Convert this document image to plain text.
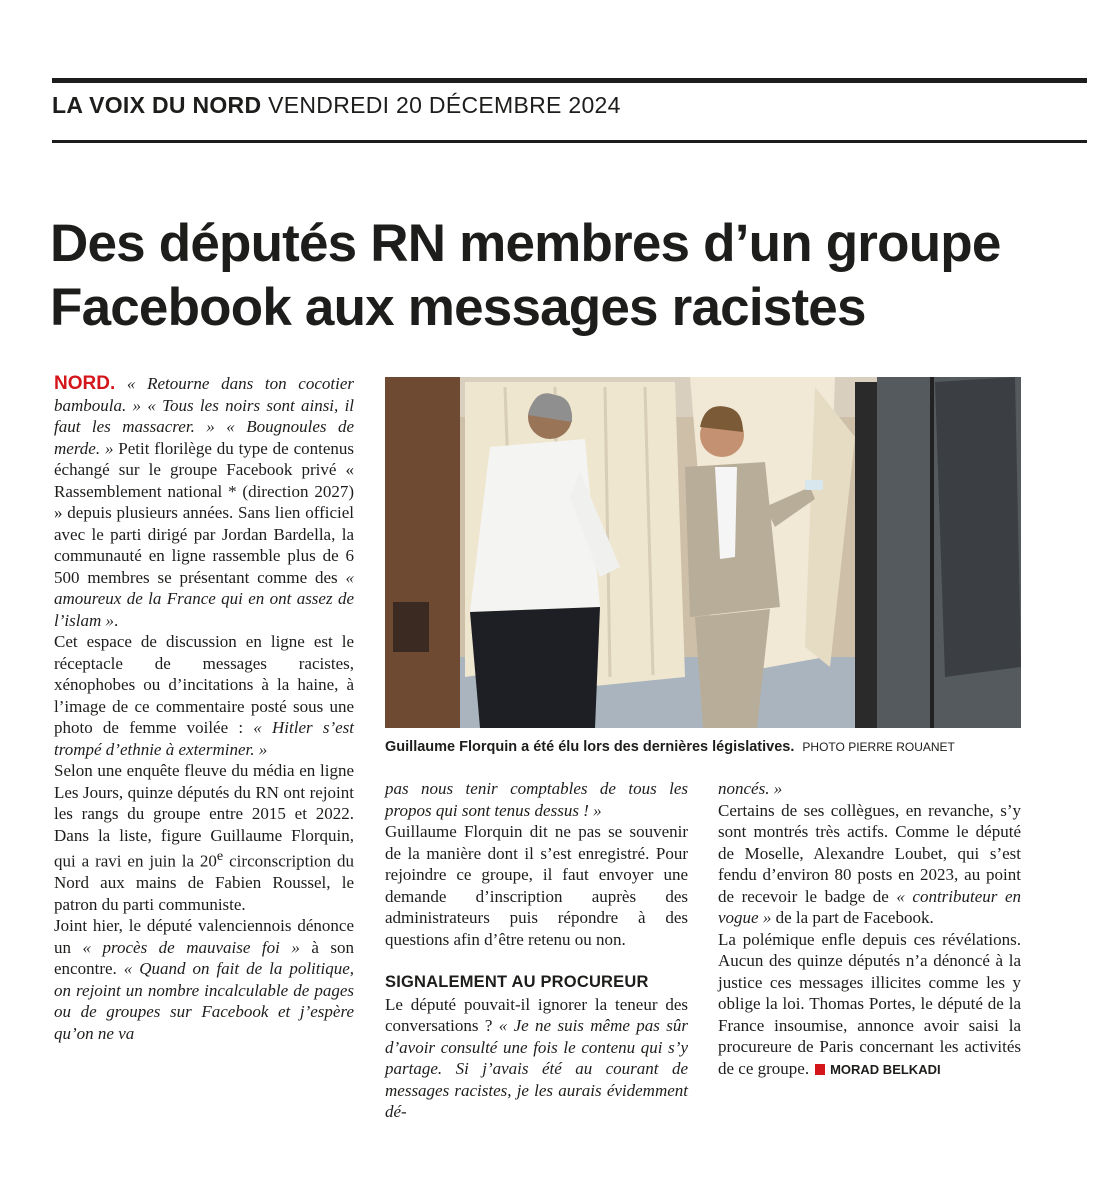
LA VOIX DU NORD VENDREDI 20 DÉCEMBRE 2024
Des députés RN membres d’un groupe
Facebook aux messages racistes

NORD. « Retourne dans ton cocotier bamboula. » « Tous les noirs sont ainsi, il faut les massacrer. » « Bougnoules de merde. » Petit florilège du type de contenus échangé sur le groupe Facebook privé « Rassemblement national * (direction 2027) » depuis plusieurs années. Sans lien officiel avec le parti dirigé par Jordan Bardella, la communauté en ligne rassemble plus de 6 500 membres se présentant comme des « amoureux de la France qui en ont assez de l’islam ».

Cet espace de discussion en ligne est le réceptacle de messages racistes, xénophobes ou d’incitations à la haine, à l’image de ce commentaire posté sous une photo de femme voilée : « Hitler s’est trompé d’ethnie à exterminer. »

Selon une enquête fleuve du média en ligne Les Jours, quinze députés du RN ont rejoint les rangs du groupe entre 2015 et 2022. Dans la liste, figure Guillaume Florquin, qui a ravi en juin la 20e circonscription du Nord aux mains de Fabien Roussel, le patron du parti communiste.

Joint hier, le député valenciennois dénonce un « procès de mauvaise foi » à son encontre. « Quand on fait de la politique, on rejoint un nombre incalculable de pages ou de groupes sur Facebook et j’espère qu’on ne va

Guillaume Florquin a été élu lors des dernières législatives. PHOTO PIERRE ROUANET

pas nous tenir comptables de tous les propos qui sont tenus dessus ! »

Guillaume Florquin dit ne pas se souvenir de la manière dont il s’est enregistré. Pour rejoindre ce groupe, il faut envoyer une demande d’inscription auprès des administrateurs puis répondre à des questions afin d’être retenu ou non.

SIGNALEMENT AU PROCUREUR

Le député pouvait-il ignorer la teneur des conversations ? « Je ne suis même pas sûr d’avoir consulté une fois le contenu qui s’y partage. Si j’avais été au courant de messages racistes, je les aurais évidemment dé-

noncés. »

Certains de ses collègues, en revanche, s’y sont montrés très actifs. Comme le député de Moselle, Alexandre Loubet, qui s’est fendu d’environ 80 posts en 2023, au point de recevoir le badge de « contributeur en vogue » de la part de Facebook.

La polémique enfle depuis ces révélations. Aucun des quinze députés n’a dénoncé à la justice ces messages illicites comme les y oblige la loi. Thomas Portes, le député de la France insoumise, annonce avoir saisi la procureure de Paris concernant les activités de ce groupe. MORAD BELKADI
